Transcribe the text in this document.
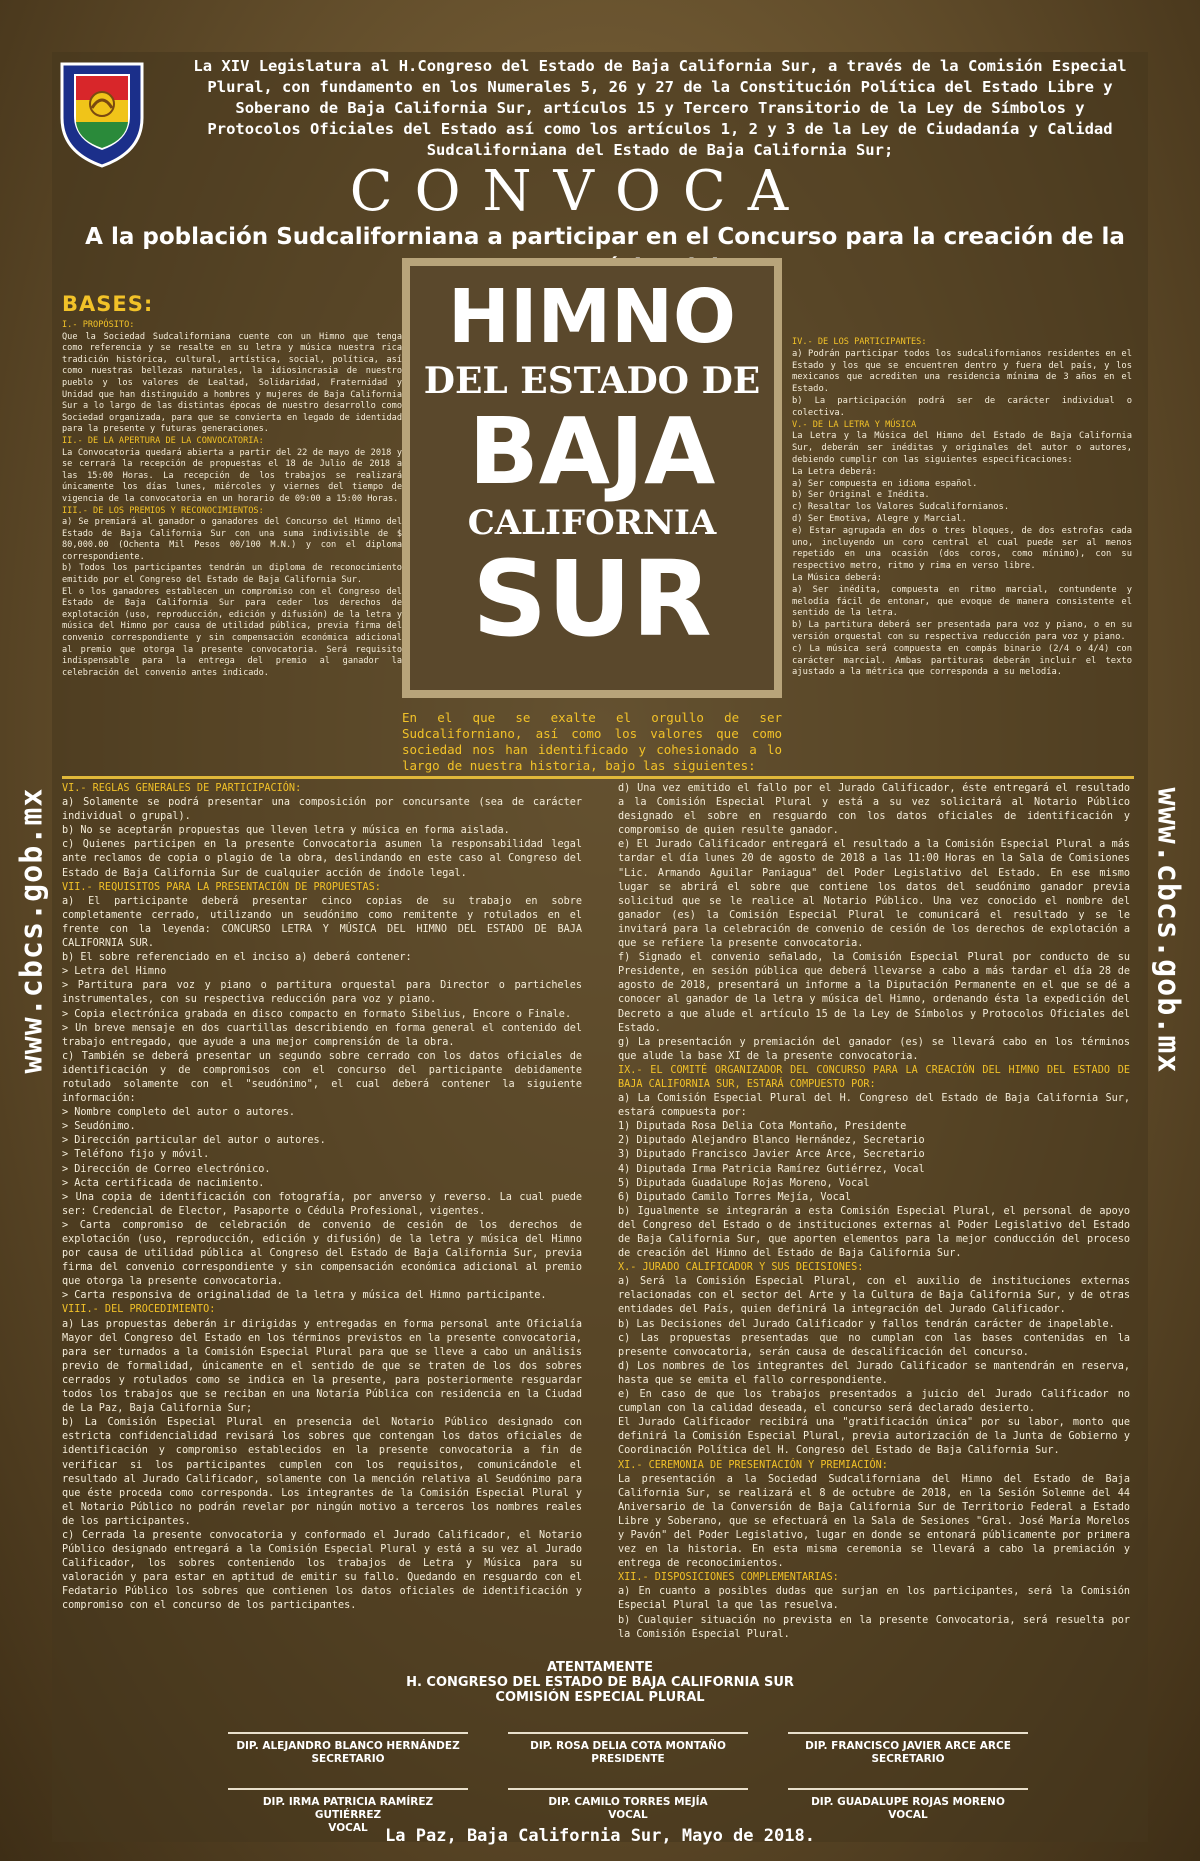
www.cbcs.gob.mx	www.cbcs.gob.mx
La XIV Legislatura al H.Congreso del Estado de Baja California Sur, a través de la Comisión Especial Plural, con fundamento en los Numerales 5, 26 y 27 de la Constitución Política del Estado Libre y Soberano de Baja California Sur, artículos 15 y Tercero Transitorio de la Ley de Símbolos y Protocolos Oficiales del Estado así como los artículos 1, 2 y 3 de la Ley de Ciudadanía y Calidad Sudcaliforniana del Estado de Baja California Sur;
CONVOCA
A la población Sudcaliforniana a participar en el Concurso para la creación de la
HIMNO
DEL ESTADO DE
BAJA
CALIFORNIA
SUR
En el que se exalte el orgullo de ser Sudcaliforniano, así como los valores que como sociedad nos han identificado y cohesionado a lo largo de nuestra historia, bajo las siguientes:
BASES:

I.- PROPÓSITO:

Que la Sociedad Sudcaliforniana cuente con un Himno que tenga como referencia y se resalte en su letra y música nuestra rica tradición histórica, cultural, artística, social, política, así como nuestras bellezas naturales, la idiosincrasia de nuestro pueblo y los valores de Lealtad, Solidaridad, Fraternidad y Unidad que han distinguido a hombres y mujeres de Baja California Sur a lo largo de las distintas épocas de nuestro desarrollo como Sociedad organizada, para que se convierta en legado de identidad para la presente y futuras generaciones.

II.- DE LA APERTURA DE LA CONVOCATORIA:

La Convocatoria quedará abierta a partir del 22 de mayo de 2018 y se cerrará la recepción de propuestas el 18 de Julio de 2018 a las 15:00 Horas. La recepción de los trabajos se realizará únicamente los días lunes, miércoles y viernes del tiempo de vigencia de la convocatoria en un horario de 09:00 a 15:00 Horas.

III.- DE LOS PREMIOS Y RECONOCIMIENTOS:

a) Se premiará al ganador o ganadores del Concurso del Himno del Estado de Baja California Sur con una suma indivisible de $ 80,000.00 (Ochenta Mil Pesos 00/100 M.N.) y con el diploma correspondiente.

b) Todos los participantes tendrán un diploma de reconocimiento emitido por el Congreso del Estado de Baja California Sur.

El o los ganadores establecen un compromiso con el Congreso del Estado de Baja California Sur para ceder los derechos de explotación (uso, reproducción, edición y difusión) de la letra y música del Himno por causa de utilidad pública, previa firma del convenio correspondiente y sin compensación económica adicional al premio que otorga la presente convocatoria. Será requisito indispensable para la entrega del premio al ganador la celebración del convenio antes indicado.

IV.- DE LOS PARTICIPANTES:

a) Podrán participar todos los sudcalifornianos residentes en el Estado y los que se encuentren dentro y fuera del país, y los mexicanos que acrediten una residencia mínima de 3 años en el Estado.

b) La participación podrá ser de carácter individual o colectiva.

V.- DE LA LETRA Y MÚSICA

La Letra y la Música del Himno del Estado de Baja California Sur, deberán ser inéditas y originales del autor o autores, debiendo cumplir con las siguientes especificaciones:

La Letra deberá:

a) Ser compuesta en idioma español.

b) Ser Original e Inédita.

c) Resaltar los Valores Sudcalifornianos.

d) Ser Emotiva, Alegre y Marcial.

e) Estar agrupada en dos o tres bloques, de dos estrofas cada uno, incluyendo un coro central el cual puede ser al menos repetido en una ocasión (dos coros, como mínimo), con su respectivo metro, ritmo y rima en verso libre.

La Música deberá:

a) Ser inédita, compuesta en ritmo marcial, contundente y melodía fácil de entonar, que evoque de manera consistente el sentido de la letra.

b) La partitura deberá ser presentada para voz y piano, o en su versión orquestal con su respectiva reducción para voz y piano.

c) La música será compuesta en compás binario (2/4 o 4/4) con carácter marcial. Ambas partituras deberán incluir el texto ajustado a la métrica que corresponda a su melodía.

VI.- REGLAS GENERALES DE PARTICIPACIÓN:

a) Solamente se podrá presentar una composición por concursante (sea de carácter individual o grupal).

b) No se aceptarán propuestas que lleven letra y música en forma aislada.

c) Quienes participen en la presente Convocatoria asumen la responsabilidad legal ante reclamos de copia o plagio de la obra, deslindando en este caso al Congreso del Estado de Baja California Sur de cualquier acción de índole legal.

VII.- REQUISITOS PARA LA PRESENTACIÓN DE PROPUESTAS:

a) El participante deberá presentar cinco copias de su trabajo en sobre completamente cerrado, utilizando un seudónimo como remitente y rotulados en el frente con la leyenda: CONCURSO LETRA Y MÚSICA DEL HIMNO DEL ESTADO DE BAJA CALIFORNIA SUR.

b) El sobre referenciado en el inciso a) deberá contener:

> Letra del Himno

> Partitura para voz y piano o partitura orquestal para Director o particheles instrumentales, con su respectiva reducción para voz y piano.

> Copia electrónica grabada en disco compacto en formato Sibelius, Encore o Finale.

> Un breve mensaje en dos cuartillas describiendo en forma general el contenido del trabajo entregado, que ayude a una mejor comprensión de la obra.

c) También se deberá presentar un segundo sobre cerrado con los datos oficiales de identificación y de compromisos con el concurso del participante debidamente rotulado solamente con el "seudónimo", el cual deberá contener la siguiente información:

> Nombre completo del autor o autores.

> Seudónimo.

> Dirección particular del autor o autores.

> Teléfono fijo y móvil.

> Dirección de Correo electrónico.

> Acta certificada de nacimiento.

> Una copia de identificación con fotografía, por anverso y reverso. La cual puede ser: Credencial de Elector, Pasaporte o Cédula Profesional, vigentes.

> Carta compromiso de celebración de convenio de cesión de los derechos de explotación (uso, reproducción, edición y difusión) de la letra y música del Himno por causa de utilidad pública al Congreso del Estado de Baja California Sur, previa firma del convenio correspondiente y sin compensación económica adicional al premio que otorga la presente convocatoria.

> Carta responsiva de originalidad de la letra y música del Himno participante.

VIII.- DEL PROCEDIMIENTO:

a) Las propuestas deberán ir dirigidas y entregadas en forma personal ante Oficialía Mayor del Congreso del Estado en los términos previstos en la presente convocatoria, para ser turnados a la Comisión Especial Plural para que se lleve a cabo un análisis previo de formalidad, únicamente en el sentido de que se traten de los dos sobres cerrados y rotulados como se indica en la presente, para posteriormente resguardar todos los trabajos que se reciban en una Notaría Pública con residencia en la Ciudad de La Paz, Baja California Sur;

b) La Comisión Especial Plural en presencia del Notario Público designado con estricta confidencialidad revisará los sobres que contengan los datos oficiales de identificación y compromiso establecidos en la presente convocatoria a fin de verificar si los participantes cumplen con los requisitos, comunicándole el resultado al Jurado Calificador, solamente con la mención relativa al Seudónimo para que éste proceda como corresponda. Los integrantes de la Comisión Especial Plural y el Notario Público no podrán revelar por ningún motivo a terceros los nombres reales de los participantes.

c) Cerrada la presente convocatoria y conformado el Jurado Calificador, el Notario Público designado entregará a la Comisión Especial Plural y está a su vez al Jurado Calificador, los sobres conteniendo los trabajos de Letra y Música para su valoración y para estar en aptitud de emitir su fallo. Quedando en resguardo con el Fedatario Público los sobres que contienen los datos oficiales de identificación y compromiso con el concurso de los participantes.

d) Una vez emitido el fallo por el Jurado Calificador, éste entregará el resultado a la Comisión Especial Plural y está a su vez solicitará al Notario Público designado el sobre en resguardo con los datos oficiales de identificación y compromiso de quien resulte ganador.

e) El Jurado Calificador entregará el resultado a la Comisión Especial Plural a más tardar el día lunes 20 de agosto de 2018 a las 11:00 Horas en la Sala de Comisiones "Lic. Armando Aguilar Paniagua" del Poder Legislativo del Estado. En ese mismo lugar se abrirá el sobre que contiene los datos del seudónimo ganador previa solicitud que se le realice al Notario Público. Una vez conocido el nombre del ganador (es) la Comisión Especial Plural le comunicará el resultado y se le invitará para la celebración de convenio de cesión de los derechos de explotación a que se refiere la presente convocatoria.

f) Signado el convenio señalado, la Comisión Especial Plural por conducto de su Presidente, en sesión pública que deberá llevarse a cabo a más tardar el día 28 de agosto de 2018, presentará un informe a la Diputación Permanente en el que se dé a conocer al ganador de la letra y música del Himno, ordenando ésta la expedición del Decreto a que alude el artículo 15 de la Ley de Símbolos y Protocolos Oficiales del Estado.

g) La presentación y premiación del ganador (es) se llevará cabo en los términos que alude la base XI de la presente convocatoria.

IX.- EL COMITÉ ORGANIZADOR DEL CONCURSO PARA LA CREACIÓN DEL HIMNO DEL ESTADO DE BAJA CALIFORNIA SUR, ESTARÁ COMPUESTO POR:

a) La Comisión Especial Plural del H. Congreso del Estado de Baja California Sur, estará compuesta por:

1) Diputada Rosa Delia Cota Montaño, Presidente

2) Diputado Alejandro Blanco Hernández, Secretario

3) Diputado Francisco Javier Arce Arce, Secretario

4) Diputada Irma Patricia Ramírez Gutiérrez, Vocal

5) Diputada Guadalupe Rojas Moreno, Vocal

6) Diputado Camilo Torres Mejía, Vocal

b) Igualmente se integrarán a esta Comisión Especial Plural, el personal de apoyo del Congreso del Estado o de instituciones externas al Poder Legislativo del Estado de Baja California Sur, que aporten elementos para la mejor conducción del proceso de creación del Himno del Estado de Baja California Sur.

X.- JURADO CALIFICADOR Y SUS DECISIONES:

a) Será la Comisión Especial Plural, con el auxilio de instituciones externas relacionadas con el sector del Arte y la Cultura de Baja California Sur, y de otras entidades del País, quien definirá la integración del Jurado Calificador.

b) Las Decisiones del Jurado Calificador y fallos tendrán carácter de inapelable.

c) Las propuestas presentadas que no cumplan con las bases contenidas en la presente convocatoria, serán causa de descalificación del concurso.

d) Los nombres de los integrantes del Jurado Calificador se mantendrán en reserva, hasta que se emita el fallo correspondiente.

e) En caso de que los trabajos presentados a juicio del Jurado Calificador no cumplan con la calidad deseada, el concurso será declarado desierto.

El Jurado Calificador recibirá una "gratificación única" por su labor, monto que definirá la Comisión Especial Plural, previa autorización de la Junta de Gobierno y Coordinación Política del H. Congreso del Estado de Baja California Sur.

XI.- CEREMONIA DE PRESENTACIÓN Y PREMIACIÓN:

La presentación a la Sociedad Sudcaliforniana del Himno del Estado de Baja California Sur, se realizará el 8 de octubre de 2018, en la Sesión Solemne del 44 Aniversario de la Conversión de Baja California Sur de Territorio Federal a Estado Libre y Soberano, que se efectuará en la Sala de Sesiones "Gral. José María Morelos y Pavón" del Poder Legislativo, lugar en donde se entonará públicamente por primera vez en la historia. En esta misma ceremonia se llevará a cabo la premiación y entrega de reconocimientos.

XII.- DISPOSICIONES COMPLEMENTARIAS:

a) En cuanto a posibles dudas que surjan en los participantes, será la Comisión Especial Plural la que las resuelva.

b) Cualquier situación no prevista en la presente Convocatoria, será resuelta por la Comisión Especial Plural.

ATENTAMENTE
H. CONGRESO DEL ESTADO DE BAJA CALIFORNIA SUR
COMISIÓN ESPECIAL PLURAL
DIP. ALEJANDRO BLANCO HERNÁNDEZ
SECRETARIO
DIP. ROSA DELIA COTA MONTAÑO
PRESIDENTE
DIP. FRANCISCO JAVIER ARCE ARCE
SECRETARIO
DIP. IRMA PATRICIA RAMÍREZ GUTIÉRREZ
VOCAL
DIP. CAMILO TORRES MEJÍA
VOCAL
DIP. GUADALUPE ROJAS MORENO
VOCAL
La Paz, Baja California Sur, Mayo de 2018.
